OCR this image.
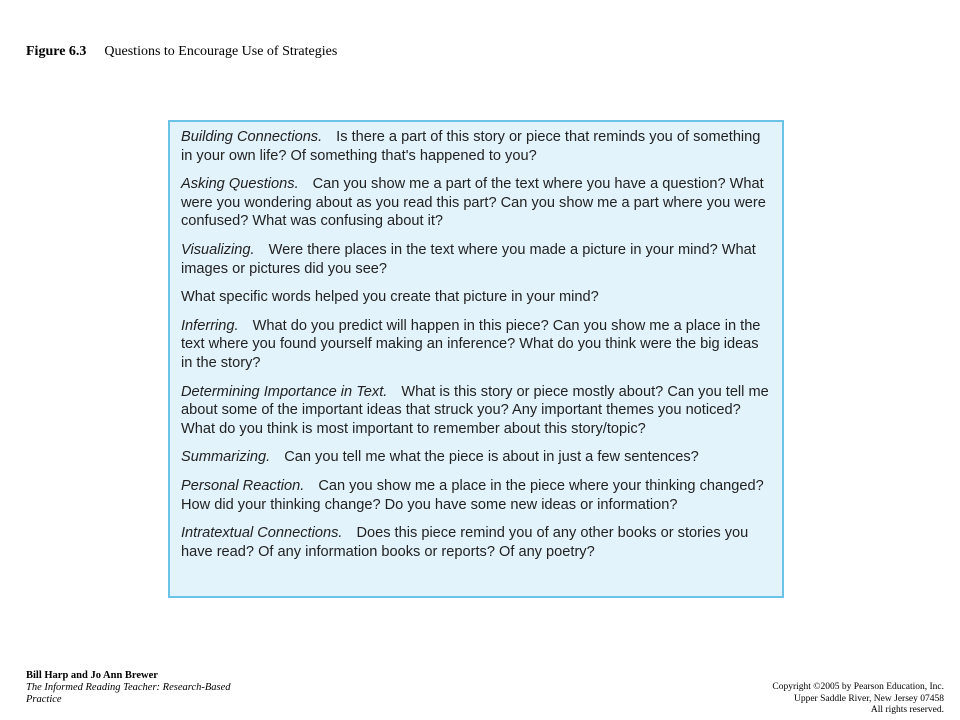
Figure 6.3 Questions to Encourage Use of Strategies

Building Connections. Is there a part of this story or piece that reminds you of something in your own life? Of something that's happened to you?

Asking Questions. Can you show me a part of the text where you have a question? What were you wondering about as you read this part? Can you show me a part where you were confused? What was confusing about it?

Visualizing. Were there places in the text where you made a picture in your mind? What images or pictures did you see?

What specific words helped you create that picture in your mind?

Inferring. What do you predict will happen in this piece? Can you show me a place in the text where you found yourself making an inference? What do you think were the big ideas in the story?

Determining Importance in Text. What is this story or piece mostly about? Can you tell me about some of the important ideas that struck you? Any important themes you noticed? What do you think is most important to remember about this story/topic?

Summarizing. Can you tell me what the piece is about in just a few sentences?

Personal Reaction. Can you show me a place in the piece where your thinking changed? How did your thinking change? Do you have some new ideas or information?

Intratextual Connections. Does this piece remind you of any other books or stories you have read? Of any information books or reports? Of any poetry?

Bill Harp and Jo Ann Brewer
The Informed Reading Teacher: Research-Based Practice
Copyright ©2005 by Pearson Education, Inc.
Upper Saddle River, New Jersey 07458
All rights reserved.
